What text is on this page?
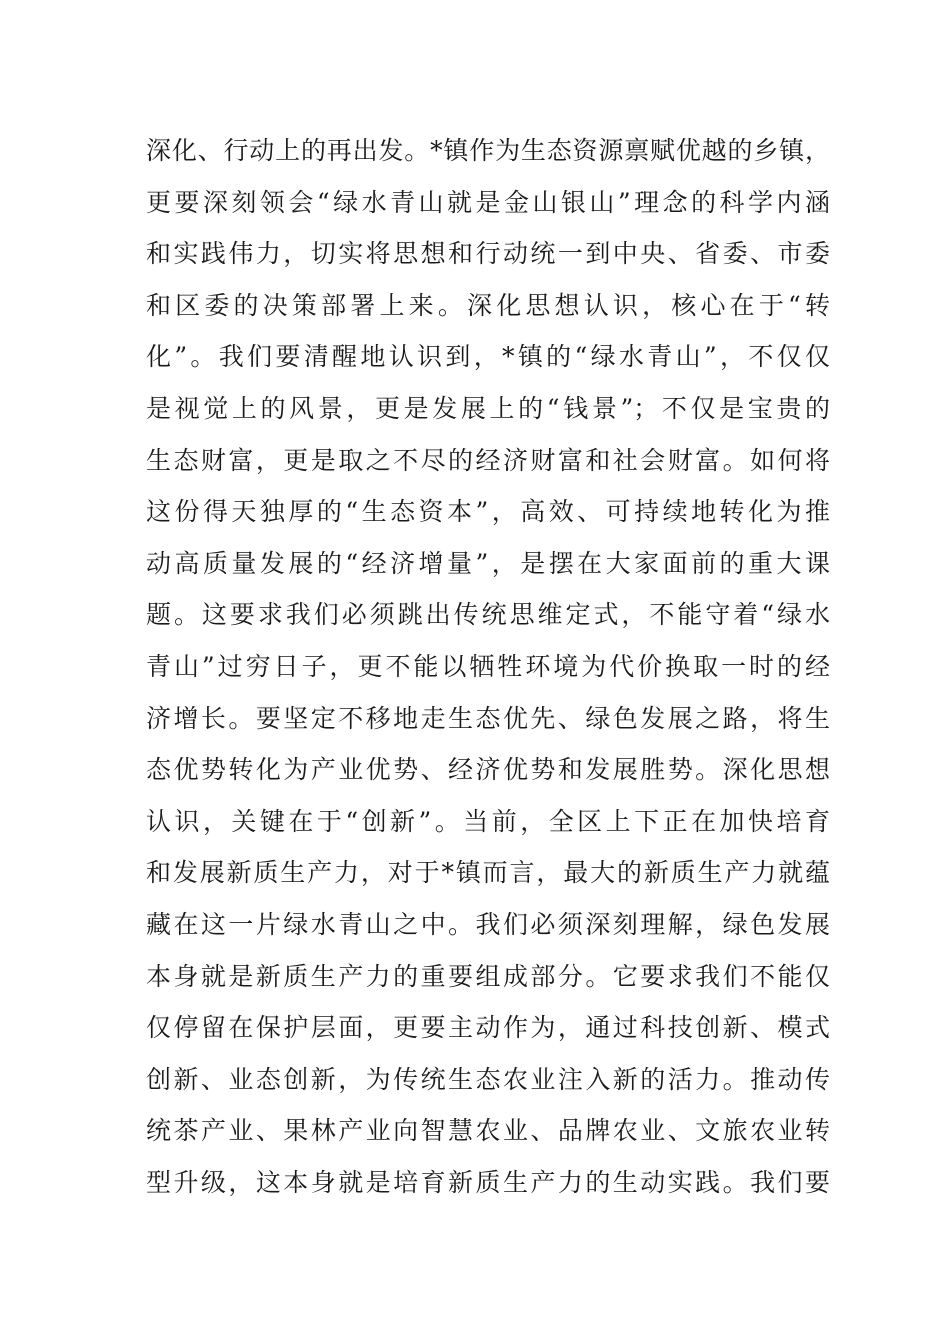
深化、行动上的再出发。*镇作为生态资源禀赋优越的乡镇，
更要深刻领会“绿水青山就是金山银山”理念的科学内涵
和实践伟力，切实将思想和行动统一到中央、省委、市委
和区委的决策部署上来。深化思想认识，核心在于“转
化”。我们要清醒地认识到，*镇的“绿水青山”，不仅仅
是视觉上的风景，更是发展上的“钱景”；不仅是宝贵的
生态财富，更是取之不尽的经济财富和社会财富。如何将
这份得天独厚的“生态资本”，高效、可持续地转化为推
动高质量发展的“经济增量”，是摆在大家面前的重大课
题。这要求我们必须跳出传统思维定式，不能守着“绿水
青山”过穷日子，更不能以牺牲环境为代价换取一时的经
济增长。要坚定不移地走生态优先、绿色发展之路，将生
态优势转化为产业优势、经济优势和发展胜势。深化思想
认识，关键在于“创新”。当前，全区上下正在加快培育
和发展新质生产力，对于*镇而言，最大的新质生产力就蕴
藏在这一片绿水青山之中。我们必须深刻理解，绿色发展
本身就是新质生产力的重要组成部分。它要求我们不能仅
仅停留在保护层面，更要主动作为，通过科技创新、模式
创新、业态创新，为传统生态农业注入新的活力。推动传
统茶产业、果林产业向智慧农业、品牌农业、文旅农业转
型升级，这本身就是培育新质生产力的生动实践。我们要
